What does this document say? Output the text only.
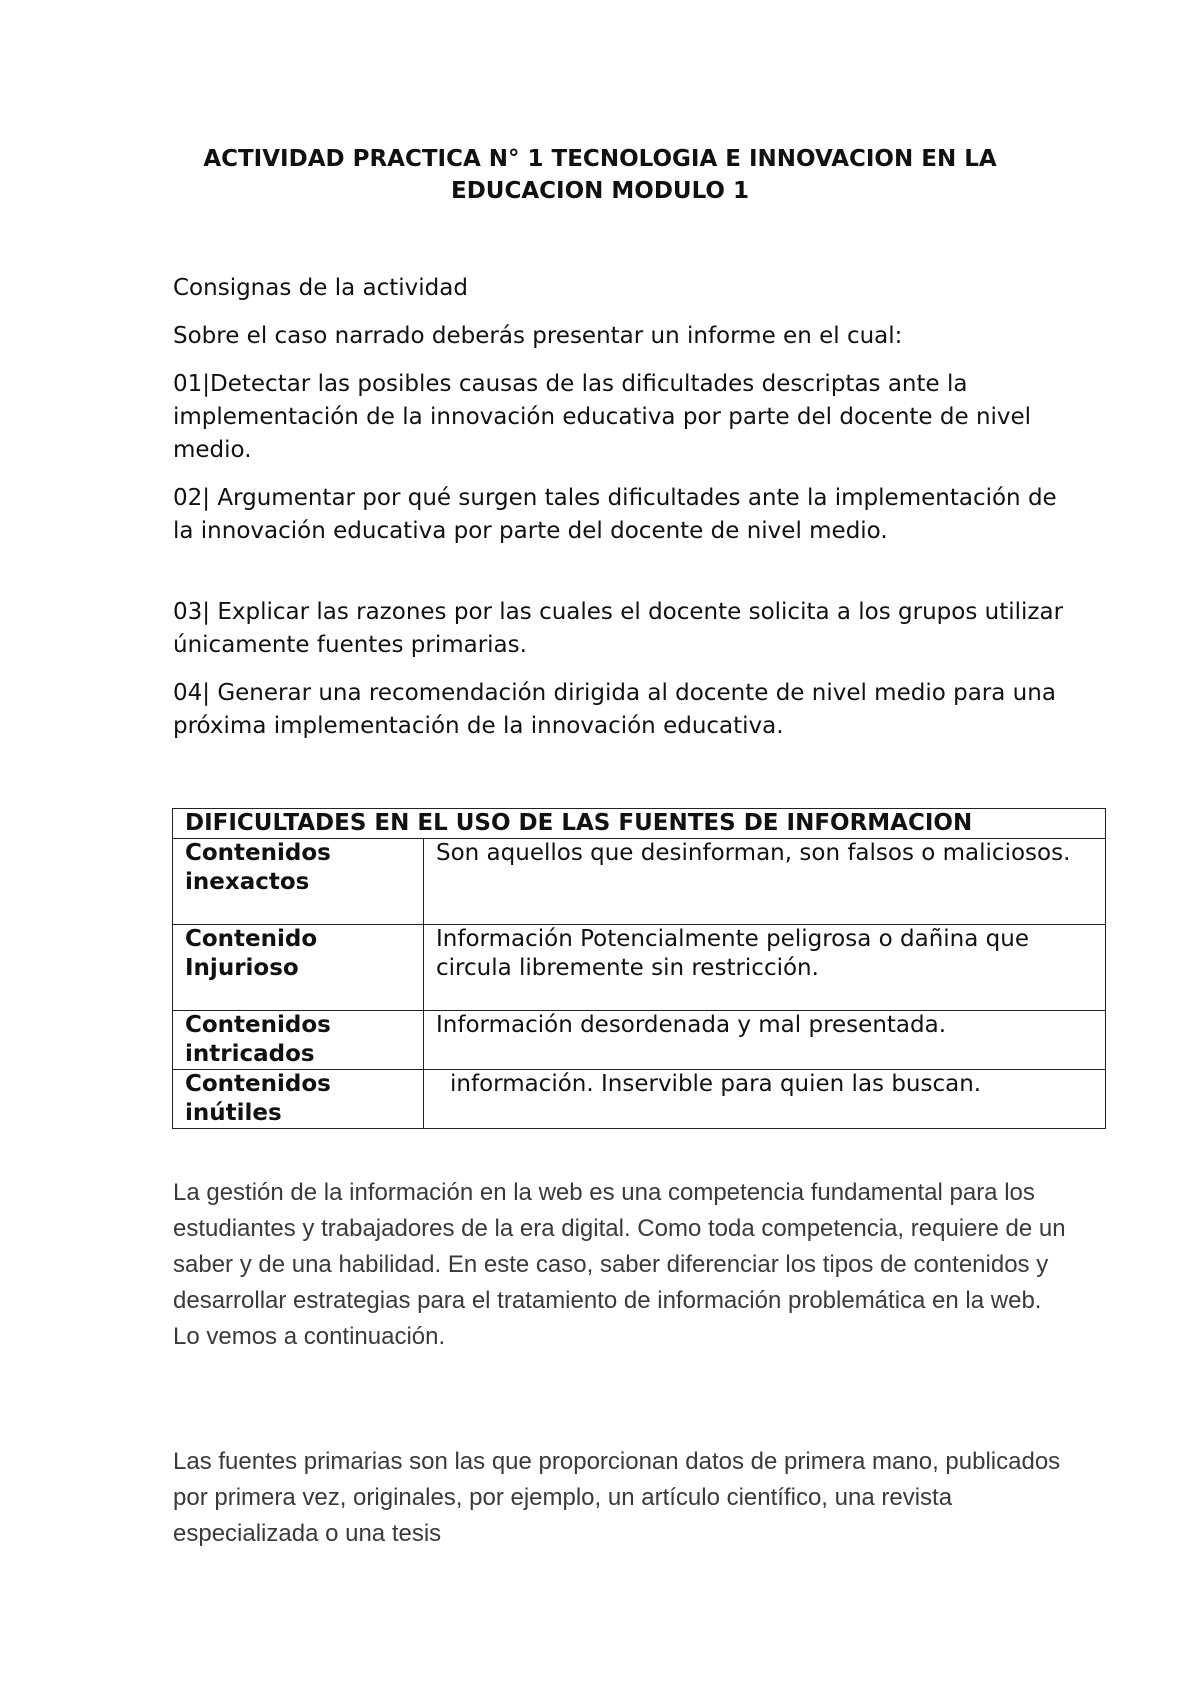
ACTIVIDAD PRACTICA N° 1 TECNOLOGIA E INNOVACION EN LA EDUCACION MODULO 1

Consignas de la actividad

Sobre el caso narrado deberás presentar un informe en el cual:

01|Detectar las posibles causas de las dificultades descriptas ante la implementación de la innovación educativa por parte del docente de nivel medio.

02| Argumentar por qué surgen tales dificultades ante la implementación de la innovación educativa por parte del docente de nivel medio.

03| Explicar las razones por las cuales el docente solicita a los grupos utilizar únicamente fuentes primarias.

04| Generar una recomendación dirigida al docente de nivel medio para una próxima implementación de la innovación educativa.

DIFICULTADES EN EL USO DE LAS FUENTES DE INFORMACION	
Contenidos inexactos	Son aquellos que desinforman, son falsos o maliciosos.
Contenido Injurioso	Información Potencialmente peligrosa o dañina que circula libremente sin restricción.
Contenidos intricados	Información desordenada y mal presentada.
Contenidos inútiles	información. Inservible para quien las buscan.

La gestión de la información en la web es una competencia fundamental para los estudiantes y trabajadores de la era digital. Como toda competencia, requiere de un saber y de una habilidad. En este caso, saber diferenciar los tipos de contenidos y desarrollar estrategias para el tratamiento de información problemática en la web. Lo vemos a continuación.

Las fuentes primarias son las que proporcionan datos de primera mano, publicados por primera vez, originales, por ejemplo, un artículo científico, una revista especializada o una tesis
